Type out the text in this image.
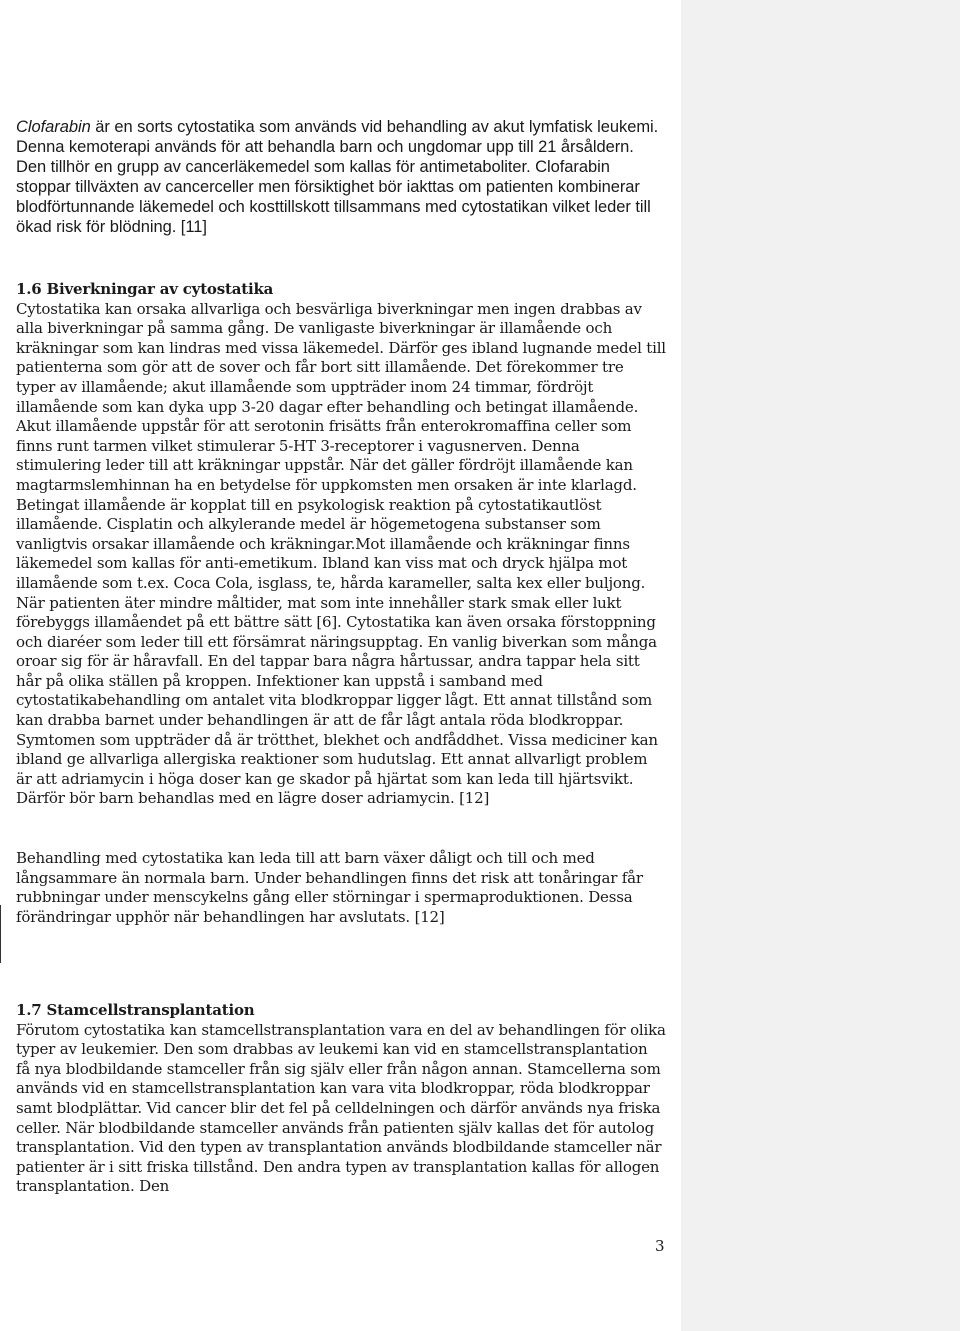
Clofarabin är en sorts cytostatika som används vid behandling av akut lymfatisk leukemi. Denna kemoterapi används för att behandla barn och ungdomar upp till 21 årsåldern. Den tillhör en grupp av cancerläkemedel som kallas för antimetaboliter. Clofarabin stoppar tillväxten av cancerceller men försiktighet bör iakttas om patienten kombinerar blodförtunnande läkemedel och kosttillskott tillsammans med cytostatikan vilket leder till ökad risk för blödning. [11]

1.6 Biverkningar av cytostatika
Cytostatika kan orsaka allvarliga och besvärliga biverkningar men ingen drabbas av alla biverkningar på samma gång. De vanligaste biverkningar är illamående och kräkningar som kan lindras med vissa läkemedel. Därför ges ibland lugnande medel till patienterna som gör att de sover och får bort sitt illamående. Det förekommer tre typer av illamående; akut illamående som uppträder inom 24 timmar, fördröjt illamående som kan dyka upp 3-20 dagar efter behandling och betingat illamående. Akut illamående uppstår för att serotonin frisätts från enterokromaffina celler som finns runt tarmen vilket stimulerar 5-HT 3-receptorer i vagusnerven. Denna stimulering leder till att kräkningar uppstår. När det gäller fördröjt illamående kan magtarmslemhinnan ha en betydelse för uppkomsten men orsaken är inte klarlagd. Betingat illamående är kopplat till en psykologisk reaktion på cytostatikautlöst illamående. Cisplatin och alkylerande medel är högemetogena substanser som vanligtvis orsakar illamående och kräkningar.Mot illamående och kräkningar finns läkemedel som kallas för anti-emetikum. Ibland kan viss mat och dryck hjälpa mot illamående som t.ex. Coca Cola, isglass, te, hårda karameller, salta kex eller buljong. När patienten äter mindre måltider, mat som inte innehåller stark smak eller lukt förebyggs illamåendet på ett bättre sätt [6]. Cytostatika kan även orsaka förstoppning och diaréer som leder till ett försämrat näringsupptag. En vanlig biverkan som många oroar sig för är håravfall. En del tappar bara några hårtussar, andra tappar hela sitt hår på olika ställen på kroppen. Infektioner kan uppstå i samband med cytostatikabehandling om antalet vita blodkroppar ligger lågt. Ett annat tillstånd som kan drabba barnet under behandlingen är att de får lågt antala röda blodkroppar. Symtomen som uppträder då är trötthet, blekhet och andfåddhet. Vissa mediciner kan ibland ge allvarliga allergiska reaktioner som hudutslag. Ett annat allvarligt problem är att adriamycin i höga doser kan ge skador på hjärtat som kan leda till hjärtsvikt. Därför bör barn behandlas med en lägre doser adriamycin. [12]

Behandling med cytostatika kan leda till att barn växer dåligt och till och med långsammare än normala barn. Under behandlingen finns det risk att tonåringar får rubbningar under menscykelns gång eller störningar i spermaproduktionen. Dessa förändringar upphör när behandlingen har avslutats. [12]

1.7 Stamcellstransplantation
Förutom cytostatika kan stamcellstransplantation vara en del av behandlingen för olika typer av leukemier. Den som drabbas av leukemi kan vid en stamcellstransplantation få nya blodbildande stamceller från sig själv eller från någon annan. Stamcellerna som används vid en stamcellstransplantation kan vara vita blodkroppar, röda blodkroppar samt blodplättar. Vid cancer blir det fel på celldelningen och därför används nya friska celler. När blodbildande stamceller används från patienten själv kallas det för autolog transplantation. Vid den typen av transplantation används blodbildande stamceller när patienter är i sitt friska tillstånd. Den andra typen av transplantation kallas för allogen transplantation. Den
3
